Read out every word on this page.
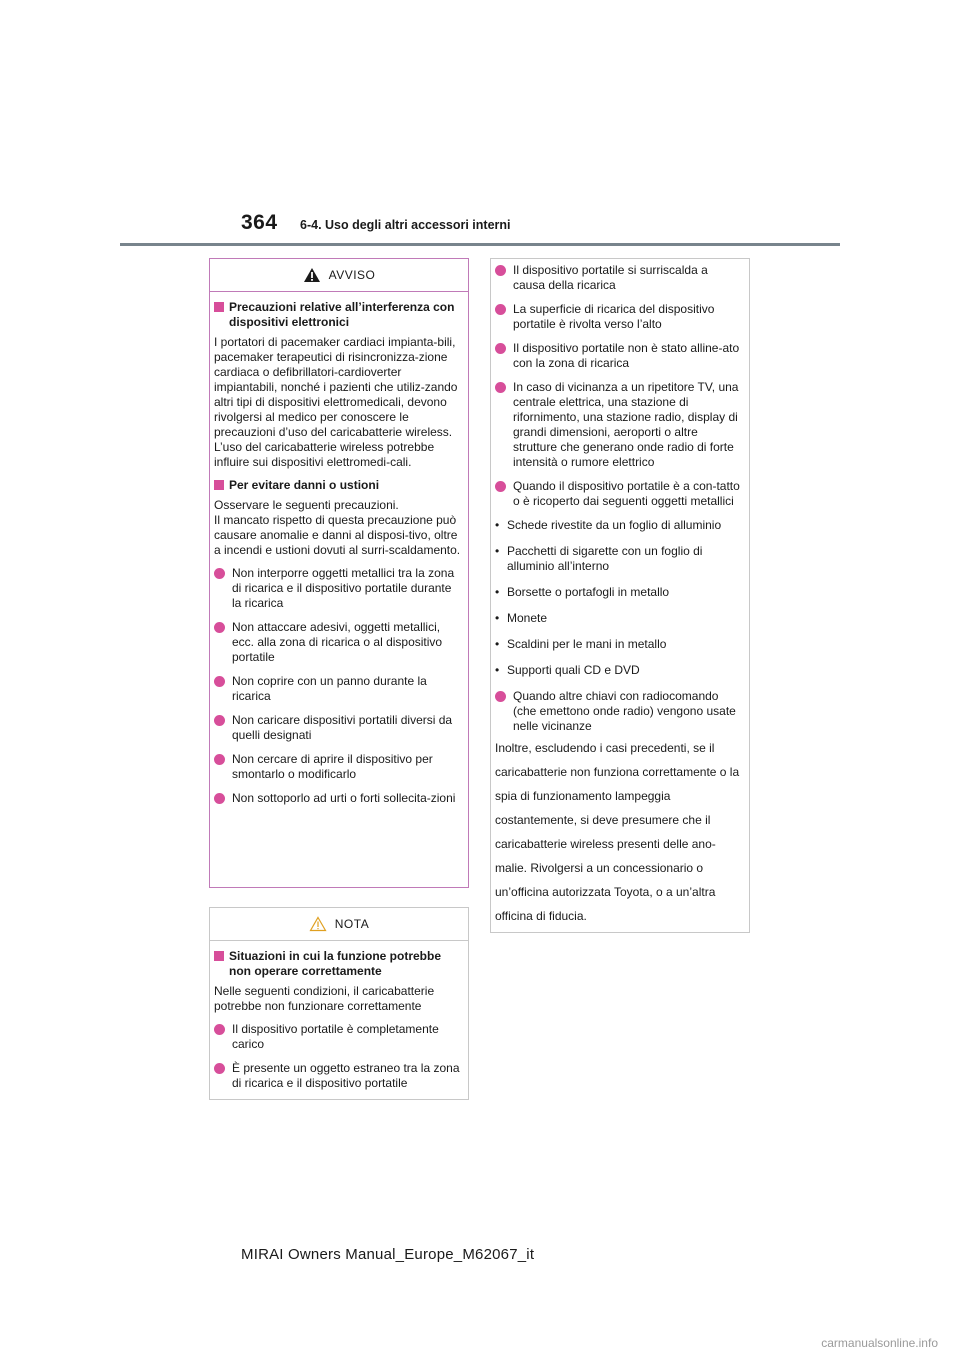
364 6-4. Uso degli altri accessori interni
AVVISO
Precauzioni relative all’interferenza con dispositivi elettronici

I portatori di pacemaker cardiaci impianta-bili, pacemaker terapeutici di risincronizza-zione cardiaca o defibrillatori-cardioverter impiantabili, nonché i pazienti che utiliz-zando altri tipi di dispositivi elettromedicali, devono rivolgersi al medico per conoscere le precauzioni d’uso del caricabatterie wireless. L’uso del caricabatterie wireless potrebbe influire sui dispositivi elettromedi-cali.

Per evitare danni o ustioni

Osservare le seguenti precauzioni.

Il mancato rispetto di questa precauzione può causare anomalie e danni al disposi-tivo, oltre a incendi e ustioni dovuti al surri-scaldamento.

Non interporre oggetti metallici tra la zona di ricarica e il dispositivo portatile durante la ricarica
Non attaccare adesivi, oggetti metallici, ecc. alla zona di ricarica o al dispositivo portatile
Non coprire con un panno durante la ricarica
Non caricare dispositivi portatili diversi da quelli designati
Non cercare di aprire il dispositivo per smontarlo o modificarlo
Non sottoporlo ad urti o forti sollecita-zioni
NOTA
Situazioni in cui la funzione potrebbe non operare correttamente

Nelle seguenti condizioni, il caricabatterie potrebbe non funzionare correttamente

Il dispositivo portatile è completamente carico
È presente un oggetto estraneo tra la zona di ricarica e il dispositivo portatile
Il dispositivo portatile si surriscalda a causa della ricarica
La superficie di ricarica del dispositivo portatile è rivolta verso l’alto
Il dispositivo portatile non è stato alline-ato con la zona di ricarica
In caso di vicinanza a un ripetitore TV, una centrale elettrica, una stazione di rifornimento, una stazione radio, display di grandi dimensioni, aeroporti o altre strutture che generano onde radio di forte intensità o rumore elettrico
Quando il dispositivo portatile è a con-tatto o è ricoperto dai seguenti oggetti metallici
• Schede rivestite da un foglio di alluminio
• Pacchetti di sigarette con un foglio di alluminio all’interno
• Borsette o portafogli in metallo
• Monete
• Scaldini per le mani in metallo
• Supporti quali CD e DVD
Quando altre chiavi con radiocomando (che emettono onde radio) vengono usate nelle vicinanze

Inoltre, escludendo i casi precedenti, se il caricabatterie non funziona correttamente o la spia di funzionamento lampeggia costantemente, si deve presumere che il caricabatterie wireless presenti delle ano-malie. Rivolgersi a un concessionario o un’officina autorizzata Toyota, o a un’altra officina di fiducia.

MIRAI Owners Manual_Europe_M62067_it
carmanualsonline.info
